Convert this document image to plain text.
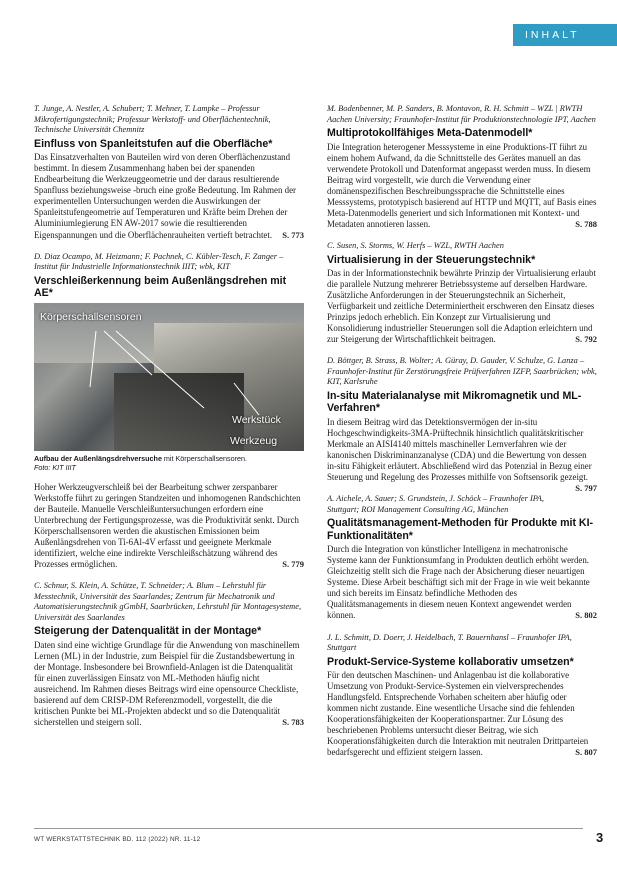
INHALT
T. Junge, A. Nestler, A. Schubert; T. Mehner, T. Lampke – Professur Mikrofertigungstechnik; Professur Werkstoff- und Oberflächentechnik, Technische Universität Chemnitz
Einfluss von Spanleitstufen auf die Oberfläche*
Das Einsatzverhalten von Bauteilen wird von deren Oberflächenzustand bestimmt. In diesem Zusammenhang haben bei der spanenden Endbearbeitung die Werkzeuggeometrie und der daraus resultierende Spanfluss beziehungsweise -bruch eine große Bedeutung. Im Rahmen der experimentellen Untersuchungen werden die Auswirkungen der Spanleitstufengeometrie auf Temperaturen und Kräfte beim Drehen der Aluminiumlegierung EN AW-2017 sowie die resultierenden Eigenspannungen und die Oberflächenrauheiten vertieft betrachtet. S. 773
D. Diaz Ocampo, M. Heizmann; F. Pachnek, C. Kübler-Tesch, F. Zanger – Institut für Industrielle Informationstechnik IIIT; wbk, KIT
Verschleißerkennung beim Außenlängsdrehen mit AE*
Körperschallsensoren
Werkstück
Werkzeug
Aufbau der Außenlängsdrehversuche mit Körperschallsensoren.
Foto: KIT IIIT
Hoher Werkzeugverschleiß bei der Bearbeitung schwer zerspanbarer Werkstoffe führt zu geringen Standzeiten und inhomogenen Randschichten der Bauteile. Manuelle Verschleißuntersuchungen erfordern eine Unterbrechung der Fertigungsprozesse, was die Produktivität senkt. Durch Körperschallsensoren werden die akustischen Emissionen beim Außenlängsdrehen von Ti-6Al-4V erfasst und geeignete Merkmale identifiziert, welche eine indirekte Verschleißschätzung während des Prozesses ermöglichen.	S. 779
C. Schnur, S. Klein, A. Schütze, T. Schneider; A. Blum – Lehrstuhl für Messtechnik, Universität des Saarlandes; Zentrum für Mechatronik und Automatisierungstechnik gGmbH, Saarbrücken, Lehrstuhl für Montagesysteme, Universität des Saarlandes
Steigerung der Datenqualität in der Montage*
Daten sind eine wichtige Grundlage für die Anwendung von maschinellem Lernen (ML) in der Industrie, zum Beispiel für die Zustandsbewertung in der Montage. Insbesondere bei Brownfield-Anlagen ist die Datenqualität für einen zuverlässigen Einsatz von ML-Methoden häufig nicht ausreichend. Im Rahmen dieses Beitrags wird eine opensource Checkliste, basierend auf dem CRISP-DM Referenzmodell, vorgestellt, die die kritischen Punkte bei ML-Projekten abdeckt und so die Datenqualität sicherstellen und steigern soll.	S. 783
M. Bodenbenner, M. P. Sanders, B. Montavon, R. H. Schmitt – WZL | RWTH Aachen University; Fraunhofer-Institut für Produktionstechnologie IPT, Aachen
Multiprotokollfähiges Meta-Datenmodell*
Die Integration heterogener Messsysteme in eine Produktions-IT führt zu einem hohem Aufwand, da die Schnittstelle des Gerätes manuell an das verwendete Protokoll und Datenformat angepasst werden muss. In diesem Beitrag wird vorgestellt, wie durch die Verwendung einer domänenspezifischen Beschreibungssprache die Schnittstelle eines Messsystems, prototypisch basierend auf HTTP und MQTT, auf Basis eines Meta-Datenmodells generiert und sich Informationen mit Kontext- und Metadaten annotieren lassen.	S. 788
C. Susen, S. Storms, W. Herfs – WZL, RWTH Aachen
Virtualisierung in der Steuerungstechnik*
Das in der Informationstechnik bewährte Prinzip der Virtualisierung erlaubt die parallele Nutzung mehrerer Betriebssysteme auf derselben Hardware. Zusätzliche Anforderungen in der Steuerungstechnik an Sicherheit, Verfügbarkeit und zeitliche Determiniertheit erschweren den Einsatz dieses Prinzips jedoch erheblich. Ein Konzept zur Virtualisierung und Konsolidierung industrieller Steuerungen soll die Adaption erleichtern und zur Steigerung der Wirtschaftlichkeit beitragen.	S. 792
D. Böttger, B. Strass, B. Wolter; A. Güray, D. Gauder, V. Schulze, G. Lanza – Fraunhofer-Institut für Zerstörungsfreie Prüfverfahren IZFP, Saarbrücken; wbk, KIT, Karlsruhe
In-situ Materialanalyse mit Mikromagnetik und ML-Verfahren*
In diesem Beitrag wird das Detektionsvermögen der in-situ Hochgeschwindigkeits-3MA-Prüftechnik hinsichtlich qualitätskritischer Merkmale an AISI4140 mittels maschineller Lernverfahren wie der kanonischen Diskriminanzanalyse (CDA) und die Bewertung von dessen in-situ Fähigkeit erläutert. Abschließend wird das Potenzial in Bezug einer Steuerung und Regelung des Prozesses mithilfe von Softsensorik gezeigt.
S. 797
A. Aichele, A. Sauer; S. Grundstein, J. Schöck – Fraunhofer IPA, Stuttgart; ROI Management Consulting AG, München
Qualitätsmanagement-Methoden für Produkte mit KI-Funktionalitäten*
Durch die Integration von künstlicher Intelligenz in mechatronische Systeme kann der Funktionsumfang in Produkten deutlich erhöht werden. Gleichzeitig stellt sich die Frage nach der Absicherung dieser neuartigen Systeme. Diese Arbeit beschäftigt sich mit der Frage in wie weit bekannte und sich bereits im Einsatz befindliche Methoden des Qualitätsmanagements in diesem neuen Kontext angewendet werden können.	S. 802
J. L. Schmitt, D. Doerr, J. Heidelbach, T. Bauernhansl – Fraunhofer IPA, Stuttgart
Produkt-Service-Systeme kollaborativ umsetzen*
Für den deutschen Maschinen- und Anlagenbau ist die kollaborative Umsetzung von Produkt-Service-Systemen ein vielversprechendes Handlungsfeld. Entsprechende Vorhaben scheitern aber häufig oder kommen nicht zustande. Eine wesentliche Ursache sind die fehlenden Kooperationsfähigkeiten der Kooperationspartner. Zur Lösung des beschriebenen Problems untersucht dieser Beitrag, wie sich Kooperationsfähigkeiten durch die Interaktion mit neutralen Drittparteien bedarfsgerecht und effizient steigern lassen.	S. 807
WT WERKSTATTSTECHNIK BD. 112 (2022) NR. 11-12	3
